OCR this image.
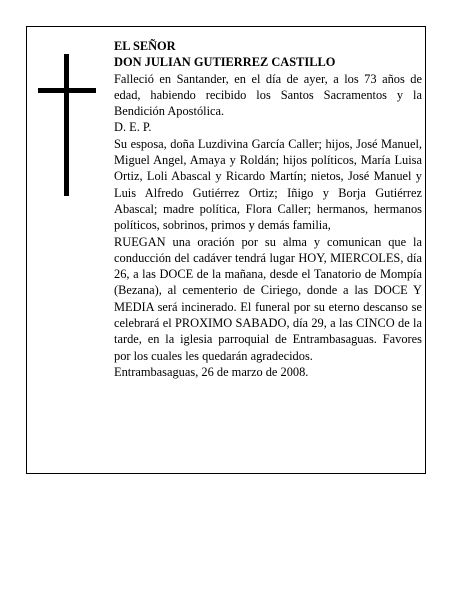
EL SEÑOR

DON JULIAN GUTIERREZ CASTILLO

Falleció en Santander, en el día de ayer, a los 73 años de edad, habiendo recibido los Santos Sacramentos y la Bendición Apostólica.

D. E. P.

Su esposa, doña Luzdivina García Caller; hijos, José Manuel, Miguel Angel, Amaya y Roldán; hijos políticos, María Luisa Ortiz, Loli Abascal y Ricardo Martín; nietos, José Manuel y Luis Alfredo Gutiérrez Ortiz; Iñigo y Borja Gutiérrez Abascal; madre política, Flora Caller; hermanos, hermanos políticos, sobrinos, primos y demás familia,

RUEGAN una oración por su alma y comunican que la conducción del cadáver tendrá lugar HOY, MIERCOLES, día 26, a las DOCE de la mañana, desde el Tanatorio de Mompía (Bezana), al cementerio de Ciriego, donde a las DOCE Y MEDIA será incinerado. El funeral por su eterno descanso se celebrará el PROXIMO SABADO, día 29, a las CINCO de la tarde, en la iglesia parroquial de Entrambasaguas. Favores por los cuales les quedarán agradecidos.

Entrambasaguas, 26 de marzo de 2008.
